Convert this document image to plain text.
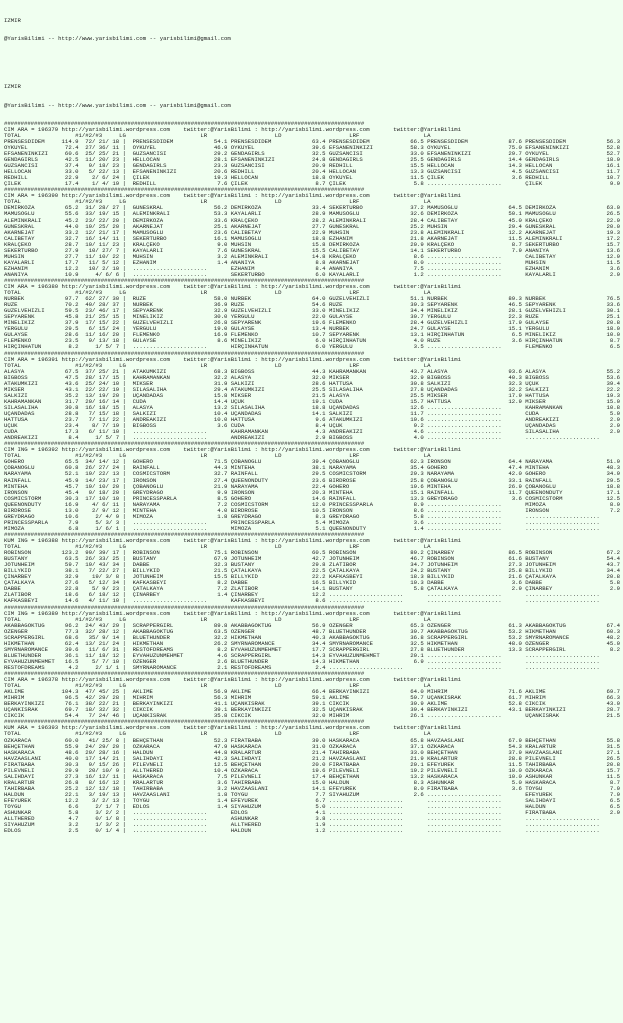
IZMIR

@YarisBilimi -- http://www.yarisbilimi.com -- yarisbilimi@gmail.com

IZMIR

@YarisBilimi -- http://www.yarisbilimi.com -- yarisbilimi@gmail.com

############################################################################################################
CIM ARA = 196379 http://yarisbilimi.wordpress.com    twitter:@YarisBilimi : http://yarisbilimi.wordpress.com       twitter:@YarisBilimi
TOTAL                #1/#2/#3     LG                      LR                    LD                    LRF                   LA
PRENSESDIDEM     114.9  72/ 21/ 18 |  PRENSESDIDEM            54.1 PRENSESDIDEM            63.4 PRENSESDIDEM            66.5 PRENSESDIDEM            87.6 PRENSESDIDEM            56.3
ÖYKÜYEL           72.4  27/ 36/ 11 |  ÖYKÜYEL                 46.9 ÖYKÜYEL                 39.6 EFSANENINKIZI           58.3 ÖYKÜYEL                 75.0 EFSANENINKIZI           52.8
EFSANENINKIZI     60.6  25/ 25/ 21 |  GÜZSANCISI              29.2 GENDAGIRLS              32.5 GÜZSANCISI              33.0 EFSANENINKIZI           29.7 ÖYKÜYEL                 52.7
GENDAGIRLS        42.5  11/ 20/ 23 |  HELLOCAN                28.1 EFSANENINKIZI           24.8 GENDAGIRLS              25.5 GENDAGIRLS              14.4 GENDAGIRLS              18.9
GÜZSANCISI        37.4   9/ 18/ 23 |  GENDAGIRLS              23.3 GÜZSANCISI              20.9 REDHILL                 15.5 HELLOCAN                14.3 HELLOCAN                16.1
HELLOCAN          33.0   5/ 22/ 13 |  EFSANENINKIZI           20.6 REDHILL                 20.4 HELLOCAN                13.3 GÜZSANCISI               4.5 GÜZSANCISI              11.7
REDHILL           22.9    2/ 6/ 24 |  ÇILEK                   19.3 HELLOCAN                18.8 ÖYKÜYEL                 11.5 ÇILEK                    3.6 REDHILL                 10.7
ÇILEK             17.4    1/ 4/ 19 |  REDHILL                  7.6 ÇILEK                    8.7 ÇILEK                    5.8 ......................       ÇILEK                    9.9
############################################################################################################
CIM ARA = 196390 http://yarisbilimi.wordpress.com    twitter:@YarisBilimi : http://yarisbilimi.wordpress.com       twitter:@YarisBilimi
TOTAL                #1/#2/#3     LG                      LR                    LD                    LRF                   LA
DEMIRKOZA         65.2  31/ 28/ 27 |  GÜNESKRAL               56.2 DEMIRKOZA               33.4 SEKERTURBO              37.2 MAMUSOGLU               64.5 DEMIRKOZA               63.0
MAMUSOGLU         55.6  33/ 19/ 15 |  ALEMINKRALI             53.3 KAYALARLI               28.9 MAMUSOGLU               32.6 DEMIRKOZA               50.1 MAMUSOGLU               26.5
ALEMINKRALI       45.2  23/ 22/ 20 |  DEMIRKOZA               33.6 KRALÇEKO                28.2 ALEMINKRALI             28.4 CALIBETAY               45.0 KRALÇEKO                22.9
GÜNESKRAL         44.0  19/ 25/ 20 |  AKARNEJAT               25.1 AKARNEJAT               27.7 GÜNESKRAL               25.2 MUHSIN                  29.4 GÜNESKRAL               20.0
AKARNEJAT         33.2  12/ 21/ 17 |  MAMUSOGLU               23.6 CALIBETAY               22.9 MUHSIN                  23.8 ALEMINKRALI             12.2 AKARNEJAT               19.3
CALIBETAY         32.7  16/ 14/ 11 |  SEKERTURBO              16.1 MAMUSOGLU               18.8 EZHANIM                 21.8 AKARNEJAT               11.5 ALEMINKRALI             17.2
KRALÇEKO          28.7  10/ 11/ 23 |  KRALÇEKO                 9.0 MUHSIN                  15.8 DEMIRKOZA               20.9 KRALÇEKO                 8.7 SEKERTURBO              15.7
SEKERTURBO        27.9   10/ 27/ 7 |  KAYALARLI                7.6 GÜNESKRAL               15.5 CALIBETAY               14.1 SEKERTURBO               7.9 ANANIYA                 13.6
MUHSIN            27.7  11/ 10/ 22 |  MUHSIN                   3.2 ALEMINKRALI             14.8 KRALÇEKO                 8.6 ......................       CALIBETAY               12.9
KAYALARLI         17.7   11/ 5/ 12 |  EZHANIM                  1.4 ANANIYA                  8.8 AKARNEJAT                8.0 ......................       MUHSIN                  11.5
EZHANIM           12.2   10/ 2/ 10 |  ......................       EZHANIM                  8.4 ANANIYA                  7.5 ......................       EZHANIM                  3.6
ANANIYA           10.9     4/ 6/ 6 |  ......................       SEKERTURBO               6.0 KAYALARLI                1.2 ......................       KAYALARLI                2.9
############################################################################################################
CIM ARA = 196380 http://yarisbilimi.wordpress.com    twitter:@YarisBilimi : http://yarisbilimi.wordpress.com       twitter:@YarisBilimi
TOTAL                #1/#2/#3     LG                      LR                    LD                    LRF                   LA
NURBEK            97.7  62/ 27/ 30 |  RUZE                    58.0 NURBEK                  64.0 GÜZELVEHIZLI            51.1 NURBEK                  89.3 NURBEK                  76.5
RUZE              70.2  40/ 28/ 37 |  NURBEK                  36.9 RUZE                    54.6 RUZE                    39.3 SEPYARENK               46.5 SEPYARENK               33.6
GÜZELVEHIZLI      59.5  23/ 46/ 17 |  SEPYARENK               32.9 GÜZELVEHIZLI            33.0 MINELIKIZ               34.4 MINELIKIZ               28.1 GÜZELVEHIZLI            30.1
SEPYARENK         45.8  21/ 25/ 15 |  MINELIKIZ               30.0 YERGÜLÜ                 22.0 GÜLAYSE                 30.7 YERGÜLÜ                 22.3 RUZE                    25.1
MINELIKIZ         37.9  17/ 15/ 22 |  GÜZELVEHIZLI            26.8 SEPYARENK               19.6 FLEMENKO                28.4 GÜZELVEHIZLI            17.9 GÜLAYSE                 20.8
YERGÜLÜ           29.5   6/ 15/ 24 |  YERGÜLÜ                 19.0 GÜLAYSE                 13.4 NURBEK                  24.7 GÜLAYSE                 15.1 YERGÜLÜ                 18.0
GÜLAYSE           28.6  11/ 16/ 20 |  FLEMENKO                16.9 FLEMENKO                10.7 SEPYARENK               13.1 HIRÇINHATUN              6.5 MINELIKIZ               10.0
FLEMENKO          23.5   9/ 13/ 18 |  GÜLAYSE                  8.6 MINELIKIZ                6.0 HIRÇINHATUN              4.0 RUZE                     3.6 HIRÇINHATUN              8.7
HIRÇINHATUN        8.2     1/ 5/ 7 |  ......................       HIRÇINHATUN              6.0 YERGÜLÜ                  3.5 ......................       FLEMENKO                 6.5
############################################################################################################
CIM ARA = 196391 http://yarisbilimi.wordpress.com    twitter:@YarisBilimi : http://yarisbilimi.wordpress.com       twitter:@YarisBilimi
TOTAL                #1/#2/#3     LG                      LR                    LD                    LRF                   LA
ALASYA            67.5  37/ 25/ 21 |  ATAKUMKIZI              68.3 BIGBOSS                 44.3 KAHRAMANKAN             43.7 ALASYA                  93.6 ALASYA                  55.2
BIGBOSS           47.5  28/ 17/ 15 |  KAHRAMANKAN             32.2 ALASYA                  32.0 MIKSER                  32.9 BIGBOSS                 40.3 BIGBOSS                 53.6
ATAKUMKIZI        43.6  25/ 24/ 10 |  MIKSER                  31.9 SALKIZI                 28.6 HATTUSA                 30.8 SALKIZI                 32.3 UÇUK                    39.4
MIKSER            43.1  22/ 22/ 19 |  SILASALIHA              29.4 ATAKUMKIZI              25.5 SILASALIHA              27.8 UÇANDADAS               32.2 SALKIZI                 22.2
SALKIZI           35.2  13/ 19/ 20 |  UÇANDADAS               15.8 MIKSER                  21.5 ALASYA                  25.5 MIKSER                  17.9 HATTUSA                 19.3
KAHRAMANKAN       31.7  20/ 16/ 14 |  CÜDA                    14.4 UÇUK                    19.1 CÜDA                    15.7 HATTUSA                 12.9 MIKSER                  15.0
SILASALIHA        30.8  16/ 18/ 15 |  ALASYA                  13.2 SILASALIHA              18.8 UÇANDADAS               12.6 ......................       KAHRAMANKAN             10.8
UÇANDADAS         28.8   7/ 15/ 18 |  SALKIZI                 10.4 UÇANDADAS               14.1 SALKIZI                 11.7 ......................       CÜDA                     5.0
HATTUSA           23.7   7/ 11/ 22 |  ANDREAKIZI              10.0 HATTUSA                  9.6 ATAKUMKIZI              10.6 ......................       ANDREAKIZI               2.9
UÇUK              23.4    8/ 7/ 19 |  BIGBOSS                  3.6 CÜDA                     8.4 UÇUK                     9.2 ......................       UÇANDADAS                2.9
CÜDA              17.3   6/ 11/ 10 |  ......................       KAHRAMANKAN              4.3 ANDREAKIZI               4.6 ......................       SILASALIHA               2.9
ANDREAKIZI         8.4     1/ 5/ 7 |  ......................       ANDREAKIZI               2.9 BIGBOSS                  4.0 ......................       ......................
############################################################################################################
CIM ING = 196392 http://yarisbilimi.wordpress.com    twitter:@YarisBilimi : http://yarisbilimi.wordpress.com       twitter:@YarisBilimi
TOTAL                #1/#2/#3     LG                      LR                    LD                    LRF                   LA
GOHERO            65.5  34/ 14/ 12 |  GOHERO                  71.5 ÇOBANOGLU               39.4 ÇOBANOGLU               62.3 IRONSON                 64.4 NARAYAMA                51.9
ÇOBANOGLU         60.8  26/ 27/ 24 |  RAINFALL                44.3 MINTEHA                 38.1 NARAYAMA                35.4 GOHERO                  47.4 MINTEHA                 48.3
NARAYAMA          52.1  19/ 22/ 13 |  COSMICSTORM             32.7 RAINFALL                29.5 COSMICSTORM             29.3 NARAYAMA                42.0 GOHERO                  34.9
RAINFALL          45.9  14/ 23/ 17 |  IRONSON                 27.4 QUEENONDUTY             23.6 BIRDROSE                25.8 ÇOBANOGLU               33.1 RAINFALL                29.5
MINTEHA           45.7  19/ 10/ 20 |  ÇOBANOGLU               21.9 NARAYAMA                22.4 GOHERO                  19.6 MINTEHA                 26.9 ÇOBANOGLU               18.8
IRONSON           45.4   9/ 18/ 20 |  GREYDRAGO                9.9 IRONSON                 20.3 MINTEHA                 15.1 RAINFALL                11.7 QUEENONDUTY             17.1
COSMICSTORM       30.3  17/ 10/ 10 |  PRINCESSPARLA            8.5 GOHERO                  14.6 RAINFALL                13.3 GREYDRAGO                3.6 COSMICSTORM             12.5
QUEENONDUTY       16.9    4/ 6/ 11 |  NARAYAMA                 7.2 COSMICSTORM             12.0 PRINCESSPARLA            8.9 ......................       MIMOZA                   8.9
BIRDROSE          13.0    2/ 9/ 12 |  MINTEHA                  4.0 BIRDROSE                10.5 IRONSON                  8.6 ......................       IRONSON                  7.2
GREYDRAGO         10.6     2/ 4/ 9 |  MIMOZA                   1.8 GREYDRAGO                8.3 GREYDRAGO                5.8 ......................       ......................
PRINCESSPARLA      7.9     5/ 3/ 3 |  ......................       PRINCESSPARLA            5.4 MIMOZA                   3.6 ......................       ......................
MIMOZA             6.8     1/ 6/ 1 |  ......................       MIMOZA                   5.1 QUEENONDUTY              1.4 ......................       ......................
############################################################################################################
KUM ING = 196388 http://yarisbilimi.wordpress.com    twitter:@YarisBilimi : http://yarisbilimi.wordpress.com       twitter:@YarisBilimi
TOTAL                #1/#2/#3     LG                      LR                    LD                    LRF                   LA
ROBINSON         123.2  99/ 39/ 17 |  ROBINSON                75.1 ROBINSON                60.5 ROBINSON                89.2 ÇINARBEY                86.5 ROBINSON                67.2
BUSTANY           63.5  26/ 33/ 25 |  BUSTANY                 67.9 JOTUNHEIM               42.7 JOTUNHEIM               46.7 ROBINSON                61.6 BUSTANY                 54.4
JOTUNHEIM         59.7  19/ 43/ 34 |  DABBE                   32.3 BUSTANY                 29.8 ZLATIBOR                34.7 JOTUNHEIM               27.3 JOTUNHEIM               43.7
BILLYKID          38.1   7/ 22/ 27 |  BILLYKID                21.5 ÇATALKAYA               22.5 ÇATALKAYA               24.2 BUSTANY                 25.8 BILLYKID                34.4
ÇINARBEY          32.9    19/ 3/ 8 |  JOTUNHEIM               15.5 BILLYKID                22.2 KAFKASBEYI              18.3 BILLYKID                21.6 ÇATALKAYA               20.8
ÇATALKAYA         27.6   5/ 12/ 34 |  KAFKASBEYI               8.2 DABBE                   16.5 BILLYKID                10.3 DABBE                    3.6 DABBE                    5.8
DABBE             22.8    5/ 9/ 23 |  ÇATALKAYA                7.2 ZLATIBOR                14.1 BUSTANY                  5.8 ÇATALKAYA                2.9 ÇINARBEY                 2.9
ZLATIBOR          18.6   6/ 18/ 12 |  ÇINARBEY                 1.4 ÇINARBEY                12.2 ......................       ......................       ......................
KAFKASBEYI        14.6   4/ 11/ 10 |  ......................       KAFKASBEYI               8.6 ......................       ......................       ......................
############################################################################################################
CIM ING = 196389 http://yarisbilimi.wordpress.com    twitter:@YarisBilimi : http://yarisbilimi.wordpress.com       twitter:@YarisBilimi
TOTAL                #1/#2/#3     LG                      LR                    LD                    LRF                   LA
AKABBAGÖKTUG      96.2  24/ 43/ 29 |  SCRAPPERGIRL            89.8 AKABBAGÖKTUG            56.9 ÖZENGER                 65.3 ÖZENGER                 61.3 AKABBAGÖKTUG            67.4
ÖZENGER           77.3  32/ 28/ 12 |  AKABBAGÖKTUG            63.5 ÖZENGER                 48.7 BLUETHUNDER             39.7 AKABBAGÖKTUG            53.2 HIKMETHAN               60.3
SCRAPPERGIRL      68.6   35/ 9/ 14 |  BLUETHUNDER             32.2 HIKMETHAN               40.3 AKABBAGÖKTUG            36.8 SCRAPPERGIRL            53.2 SMYRNAROMANCE           48.2
HIKMETHAN         62.4  13/ 21/ 24 |  HIKMETHAN               26.2 SMYRNAROMANCE           34.4 SMYRNAROMANCE           32.5 HIKMETHAN               48.0 ÖZENGER                 45.0
SMYRNAROMANCE     39.6   11/ 6/ 31 |  RESTOFDREAMS             8.2 EYVAHUZUNMEHMET         17.7 SCRAPPERGIRL            27.8 BLUETHUNDER             13.3 SCRAPPERGIRL             8.2
BLUETHUNDER       36.1  11/ 18/ 12 |  EYVAHUZUNMEHMET          4.6 SCRAPPERGIRL            14.3 EYVAHUZUNMEHMET         20.1 ......................       ......................
EYVAHUZUNMEHMET   16.5    5/ 7/ 10 |  ÖZENGER                  2.6 BLUETHUNDER             14.3 HIKMETHAN                6.9 ......................       ......................
RESTOFDREAMS       4.2     2/ 1/ 1 |  SMYRNAROMANCE            2.1 RESTOFDREAMS             2.4 ......................       ......................       ......................
############################################################################################################
CIM ARA = 196378 http://yarisbilimi.wordpress.com    twitter:@YarisBilimi : http://yarisbilimi.wordpress.com       twitter:@YarisBilimi
TOTAL                #1/#2/#3     LG                      LR                    LD                    LRF                   LA
AKLIME           104.3  47/ 45/ 25 |  AKLIME                  56.9 AKLIME                  66.4 BERKAYINKIZI            64.0 MIHRIM                  71.6 AKLIME                  69.7
MIHRIM            96.5  42/ 29/ 28 |  MIHRIM                  56.3 MIHRIM                  59.1 AKLIME                  59.7 UÇANKISRAK              61.7 MIHRIM                  66.3
BERKAYINKIZI      76.1  38/ 22/ 21 |  BERKAYINKIZI            41.1 UÇANKISRAK              39.1 CIKCIK                  39.9 AKLIME                  52.8 CIKCIK                  43.0
UÇANKISRAK        69.7  18/ 32/ 32 |  CIKCIK                  39.1 BERKAYINKIZI            32.5 UÇANKISRAK              39.4 BERKAYINKIZI            43.1 BERKAYINKIZI            28.7
CIKCIK            54.4   7/ 24/ 46 |  UÇANKISRAK              35.8 CIKCIK                  32.0 MIHRIM                  26.1 ......................       UÇANKISRAK              21.5
############################################################################################################
KUM ARA = 196393 http://yarisbilimi.wordpress.com    twitter:@YarisBilimi : http://yarisbilimi.wordpress.com       twitter:@YarisBilimi
TOTAL                #1/#2/#3     LG                      LR                    LD                    LRF                   LA
ÖZKARACA          60.0   41/ 25/ 8 |  BEHÇETHAN               52.3 FIRATBABA               39.0 HASKARACA               65.8 HAVZAASLANI             67.9 BEHÇETHAN               55.8
BEHÇETHAN         55.9  24/ 29/ 20 |  ÖZKARACA                47.9 HASKARACA               31.0 ÖZKARACA                37.1 ÖZKARACA                54.3 KRALARTUR               31.5
HASKARACA         48.6  29/ 28/ 16 |  HALDUN                  44.8 KRALARTUR               21.4 TAHIRBABA               33.0 BEHÇETHAN               37.9 HAVZAASLANI             27.1
HAVZAASLANI       40.0  17/ 14/ 21 |  SALIHDAYI               42.3 SALIHDAYI               21.2 HAVZAASLANI             21.9 KRALARTUR               28.8 PILEVNELI               26.5
FIRATBABA         30.3   9/ 15/ 26 |  PILEVNELI               12.5 BEHÇETHAN               20.0 FIRATBABA               20.1 EFEYÜREK                11.5 TAHIRBABA               20.8
PILEVNELI         29.9   20/ 10/ 9 |  ALLTHERED               10.4 ÖZKARACA                19.6 PILEVNELI               19.2 PILEVNELI               10.0 ÖZKARACA                15.7
SALIHDAYI         27.3  16/ 12/ 11 |  HASKARACA                7.5 PILEVNELI               17.4 BEHÇETHAN               13.2 HASKARACA               10.0 ASHÜNKAR                11.5
KRALARTUR         26.8   8/ 16/ 12 |  KRALARTUR                3.6 TAHIRBABA               15.0 HALDUN                   8.3 ASHÜNKAR                 5.0 HASKARACA                8.7
TAHIRBABA         25.2  12/ 12/ 18 |  TAHIRBABA                3.2 HAVZAASLANI             14.1 EFEYÜREK                 8.0 FIRATBABA                3.6 TOYGU                    7.9
HALDUN            22.1   3/ 19/ 13 |  HAVZAASLANI              1.8 TOYGU                    7.7 SIYAHÜZÜM                2.6 ......................       EFEYÜREK                 7.9
EFEYÜREK          12.2    3/ 2/ 13 |  TOYGU                    1.4 EFEYÜREK                 6.7 ......................       ......................       SALIHDAYI                6.5
TOYGU              6.6     2/ 1/ 7 |  EDLOS                    1.4 SIYAHÜZÜM                5.0 ......................       ......................       HALDUN                   6.5
ASHÜNKAR           5.8     3/ 2/ 2 |  ......................       EDLOS                    4.1 ......................       ......................       FIRATBABA                2.9
ALLTHERED          4.7     0/ 1/ 8 |  ......................       ASHÜNKAR                 3.8 ......................       ......................       ......................
SIYAHÜZÜM          3.2     1/ 3/ 2 |  ......................       ALLTHERED                1.9 ......................       ......................       ......................
EDLOS              2.5     0/ 1/ 4 |  ......................       HALDUN                   1.2 ......................       ......................       ......................
